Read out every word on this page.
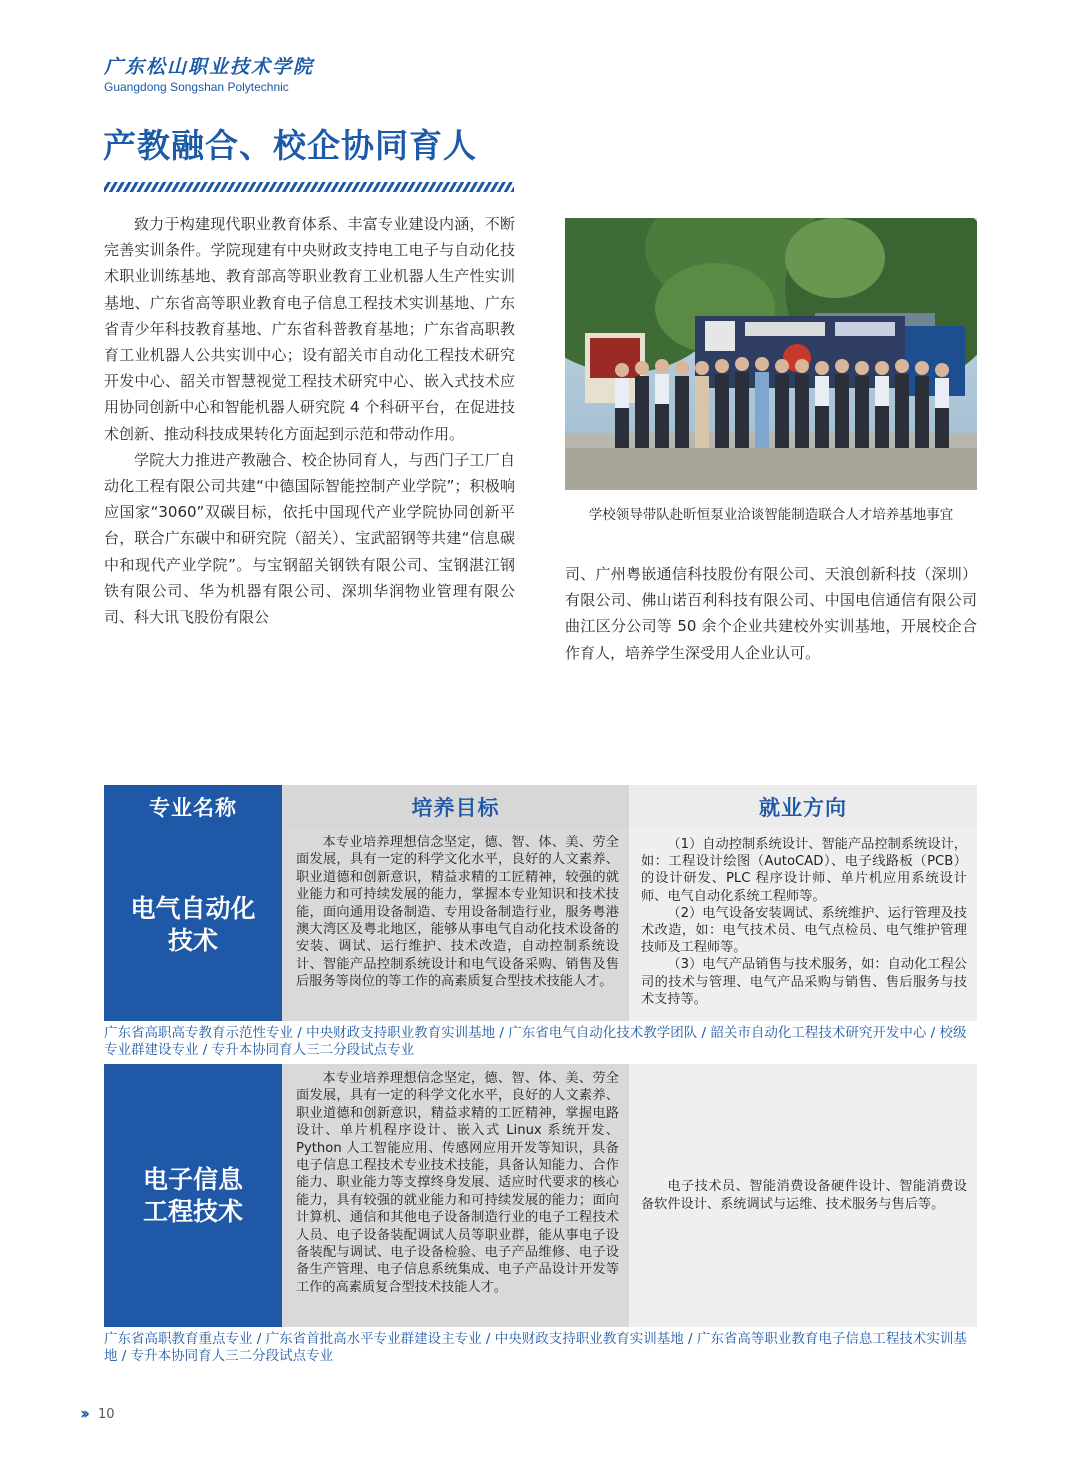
广东松山职业技术学院
Guangdong Songshan Polytechnic
产教融合、校企协同育人

致力于构建现代职业教育体系、丰富专业建设内涵，不断完善实训条件。学院现建有中央财政支持电工电子与自动化技术职业训练基地、教育部高等职业教育工业机器人生产性实训基地、广东省高等职业教育电子信息工程技术实训基地、广东省青少年科技教育基地、广东省科普教育基地；广东省高职教育工业机器人公共实训中心；设有韶关市自动化工程技术研究开发中心、韶关市智慧视觉工程技术研究中心、嵌入式技术应用协同创新中心和智能机器人研究院 4 个科研平台，在促进技术创新、推动科技成果转化方面起到示范和带动作用。

学院大力推进产教融合、校企协同育人，与西门子工厂自动化工程有限公司共建“中德国际智能控制产业学院”；积极响应国家“3060”双碳目标，依托中国现代产业学院协同创新平台，联合广东碳中和研究院（韶关）、宝武韶钢等共建“信息碳中和现代产业学院”。与宝钢韶关钢铁有限公司、宝钢湛江钢铁有限公司、华为机器有限公司、深圳华润物业管理有限公司、科大讯飞股份有限公

学校领导带队赴昕恒泵业洽谈智能制造联合人才培养基地事宜

司、广州粤嵌通信科技股份有限公司、天浪创新科技（深圳）有限公司、佛山诺百利科技有限公司、中国电信通信有限公司曲江区分公司等 50 余个企业共建校外实训基地，开展校企合作育人，培养学生深受用人企业认可。

专业名称	培养目标	就业方向
电气自动化
技术

本专业培养理想信念坚定，德、智、体、美、劳全面发展，具有一定的科学文化水平，良好的人文素养、职业道德和创新意识，精益求精的工匠精神，较强的就业能力和可持续发展的能力，掌握本专业知识和技术技能，面向通用设备制造、专用设备制造行业，服务粤港澳大湾区及粤北地区，能够从事电气自动化技术设备的安装、调试、运行维护、技术改造，自动控制系统设计、智能产品控制系统设计和电气设备采购、销售及售后服务等岗位的等工作的高素质复合型技术技能人才。

（1）自动控制系统设计、智能产品控制系统设计，如：工程设计绘图（AutoCAD）、电子线路板（PCB）的设计研发、PLC 程序设计师、单片机应用系统设计师、电气自动化系统工程师等。

（2）电气设备安装调试、系统维护、运行管理及技术改造，如：电气技术员、电气点检员、电气维护管理技师及工程师等。

（3）电气产品销售与技术服务，如：自动化工程公司的技术与管理、电气产品采购与销售、售后服务与技术支持等。

广东省高职高专教育示范性专业 / 中央财政支持职业教育实训基地 / 广东省电气自动化技术教学团队 / 韶关市自动化工程技术研究开发中心 / 校级专业群建设专业 / 专升本协同育人三二分段试点专业
电子信息
工程技术

本专业培养理想信念坚定，德、智、体、美、劳全面发展，具有一定的科学文化水平，良好的人文素养、职业道德和创新意识，精益求精的工匠精神，掌握电路设计、单片机程序设计、嵌入式 Linux 系统开发、Python 人工智能应用、传感网应用开发等知识，具备电子信息工程技术专业技术技能，具备认知能力、合作能力、职业能力等支撑终身发展、适应时代要求的核心能力，具有较强的就业能力和可持续发展的能力；面向计算机、通信和其他电子设备制造行业的电子工程技术人员、电子设备装配调试人员等职业群，能从事电子设备装配与调试、电子设备检验、电子产品维修、电子设备生产管理、电子信息系统集成、电子产品设计开发等工作的高素质复合型技术技能人才。

电子技术员、智能消费设备硬件设计、智能消费设备软件设计、系统调试与运维、技术服务与售后等。

广东省高职教育重点专业 / 广东省首批高水平专业群建设主专业 / 中央财政支持职业教育实训基地 / 广东省高等职业教育电子信息工程技术实训基地 / 专升本协同育人三二分段试点专业
›› 10
